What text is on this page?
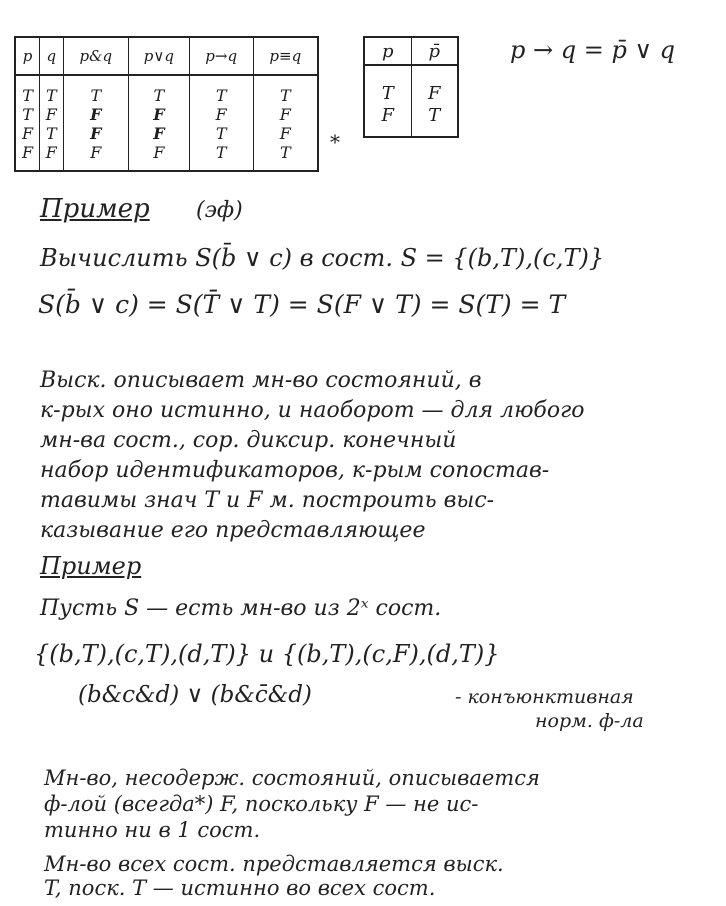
p	q	p&q	p∨q	p→q	p≡q
T	T	T	T	T	T
T	F	F	F	F	F
F	T	F	F	T	F
F	F	F	F	T	T *
p	p̄
T	F
F	T
p → q = p̄ ∨ q
Пример (эф)
Вычислить S(b̄ ∨ c) в сост. S = {(b,T),(c,T)}
S(b̄ ∨ c) = S(T̄ ∨ T) = S(F ∨ T) = S(T) = T
Выск. описывает мн-во состояний, в
к-рых оно истинно, и наоборот — для любого
мн-ва сост., сор. диксир. конечный
набор идентификаторов, к-рым сопостав-
тавимы знач T и F м. построить выс-
казывание его представляющее
Пример
Пусть S — есть мн-во из 2ˣ сост.
{(b,T),(c,T),(d,T)} и {(b,T),(c,F),(d,T)}
(b&c&d) ∨ (b&c̄&d)	- конъюнктивная
норм. ф-ла
Мн-во, несодерж. состояний, описывается
ф-лой (всегда*) F, поскольку F — не ис-
тинно ни в 1 сост.
Мн-во всех сост. представляется выск.
T, поск. T — истинно во всех сост.
